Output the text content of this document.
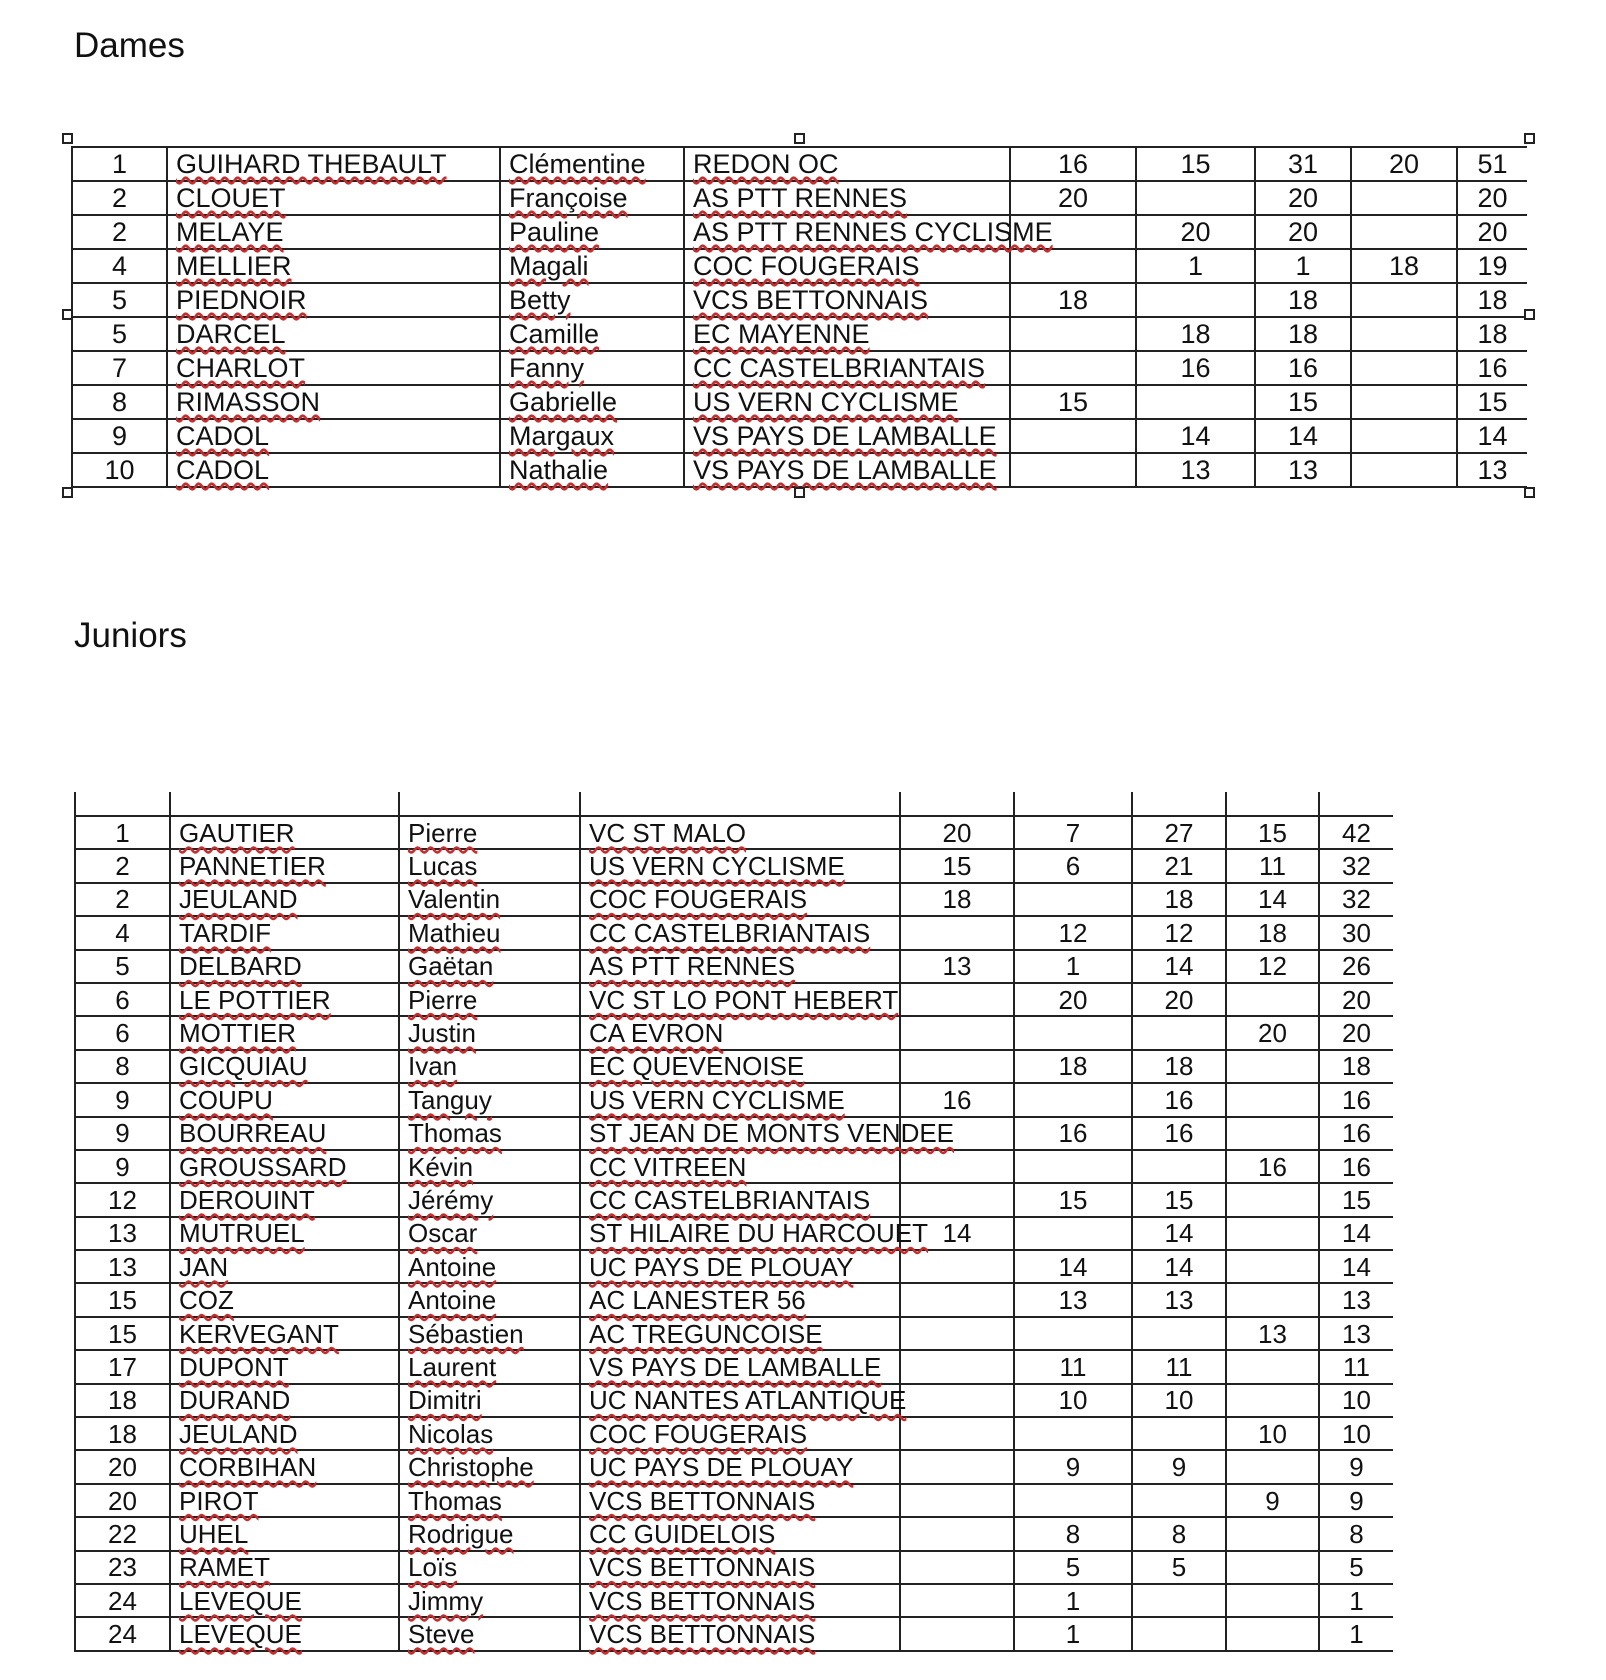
Dames
1	GUIHARD THEBAULT	Clémentine	REDON OC	16	15	31	20	51
2	CLOUET	Françoise	AS PTT RENNES	20		20		20
2	MELAYE	Pauline	AS PTT RENNES CYCLISME		20	20		20
4	MELLIER	Magali	COC FOUGERAIS		1	1	18	19
5	PIEDNOIR	Betty	VCS BETTONNAIS	18		18		18
5	DARCEL	Camille	EC MAYENNE		18	18		18
7	CHARLOT	Fanny	CC CASTELBRIANTAIS		16	16		16
8	RIMASSON	Gabrielle	US VERN CYCLISME	15		15		15
9	CADOL	Margaux	VS PAYS DE LAMBALLE		14	14		14
10	CADOL	Nathalie	VS PAYS DE LAMBALLE		13	13		13
Juniors

1	GAUTIER	Pierre	VC ST MALO	20	7	27	15	42
2	PANNETIER	Lucas	US VERN CYCLISME	15	6	21	11	32
2	JEULAND	Valentin	COC FOUGERAIS	18		18	14	32
4	TARDIF	Mathieu	CC CASTELBRIANTAIS		12	12	18	30
5	DELBARD	Gaëtan	AS PTT RENNES	13	1	14	12	26
6	LE POTTIER	Pierre	VC ST LO PONT HEBERT		20	20		20
6	MOTTIER	Justin	CA EVRON				20	20
8	GICQUIAU	Ivan	EC QUEVENOISE		18	18		18
9	COUPU	Tanguy	US VERN CYCLISME	16		16		16
9	BOURREAU	Thomas	ST JEAN DE MONTS VENDEE		16	16		16
9	GROUSSARD	Kévin	CC VITREEN				16	16
12	DEROUINT	Jérémy	CC CASTELBRIANTAIS		15	15		15
13	MUTRUEL	Oscar	ST HILAIRE DU HARCOUET	14		14		14
13	JAN	Antoine	UC PAYS DE PLOUAY		14	14		14
15	COZ	Antoine	AC LANESTER 56		13	13		13
15	KERVEGANT	Sébastien	AC TREGUNCOISE				13	13
17	DUPONT	Laurent	VS PAYS DE LAMBALLE		11	11		11
18	DURAND	Dimitri	UC NANTES ATLANTIQUE		10	10		10
18	JEULAND	Nicolas	COC FOUGERAIS				10	10
20	CORBIHAN	Christophe	UC PAYS DE PLOUAY		9	9		9
20	PIROT	Thomas	VCS BETTONNAIS				9	9
22	UHEL	Rodrigue	CC GUIDELOIS		8	8		8
23	RAMET	Loïs	VCS BETTONNAIS		5	5		5
24	LEVEQUE	Jimmy	VCS BETTONNAIS		1			1
24	LEVEQUE	Steve	VCS BETTONNAIS		1			1
